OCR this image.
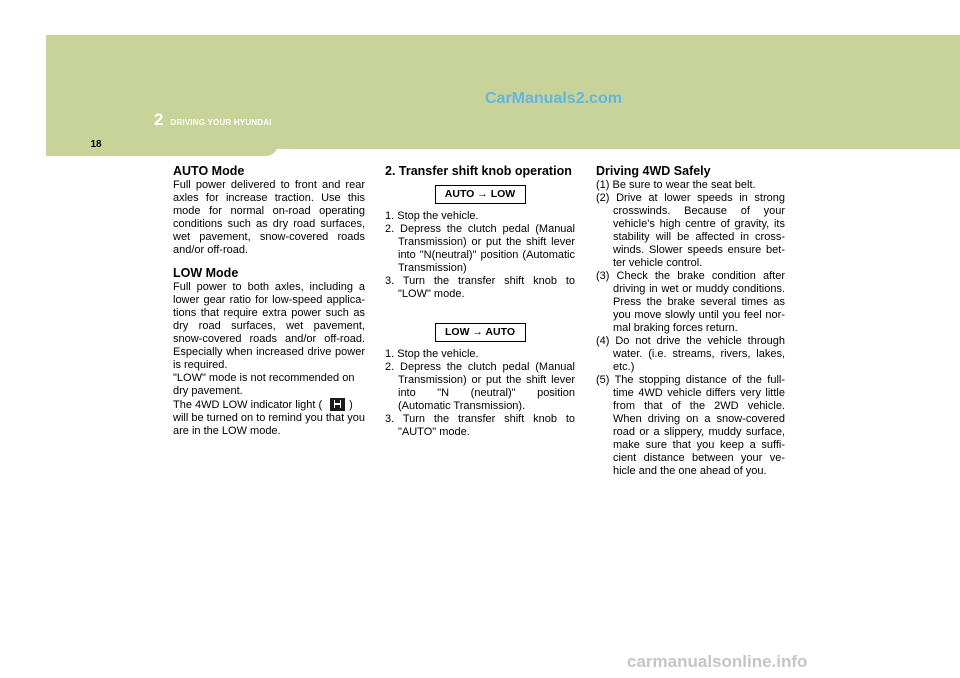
2 DRIVING YOUR HYUNDAI
CarManuals2.com
18
AUTO Mode
Full power delivered to front and rear axles for increase traction. Use this mode for normal on-road operating conditions such as dry road surfaces, wet pavement, snow-covered roads and/or off-road.
LOW Mode
Full power to both axles, including a lower gear ratio for low-speed applica-tions that require extra power such as dry road surfaces, wet pavement, snow-covered roads and/or off-road. Especially when increased drive power is required.
"LOW" mode is not recommended on dry pavement.
The 4WD LOW indicator light ( )
will be turned on to remind you that you are in the LOW mode.
2. Transfer shift knob operation
AUTO → LOW
1. Stop the vehicle.
2. Depress the clutch pedal (Manual Transmission) or put the shift lever into "N(neutral)" position (Automatic Transmission)
3. Turn the transfer shift knob to "LOW" mode.
LOW → AUTO
1. Stop the vehicle.
2. Depress the clutch pedal (Manual Transmission) or put the shift lever into "N (neutral)" position (Automatic Transmission).
3. Turn the transfer shift knob to "AUTO" mode.
Driving 4WD Safely
(1) Be sure to wear the seat belt.
(2) Drive at lower speeds in strong crosswinds. Because of your vehicle's high centre of gravity, its stability will be affected in cross-winds. Slower speeds ensure bet-ter vehicle control.
(3) Check the brake condition after driving in wet or muddy conditions. Press the brake several times as you move slowly until you feel nor-mal braking forces return.
(4) Do not drive the vehicle through water. (i.e. streams, rivers, lakes, etc.)
(5) The stopping distance of the full-time 4WD vehicle differs very little from that of the 2WD vehicle. When driving on a snow-covered road or a slippery, muddy surface, make sure that you keep a suffi-cient distance between your ve-hicle and the one ahead of you.
carmanualsonline.info
